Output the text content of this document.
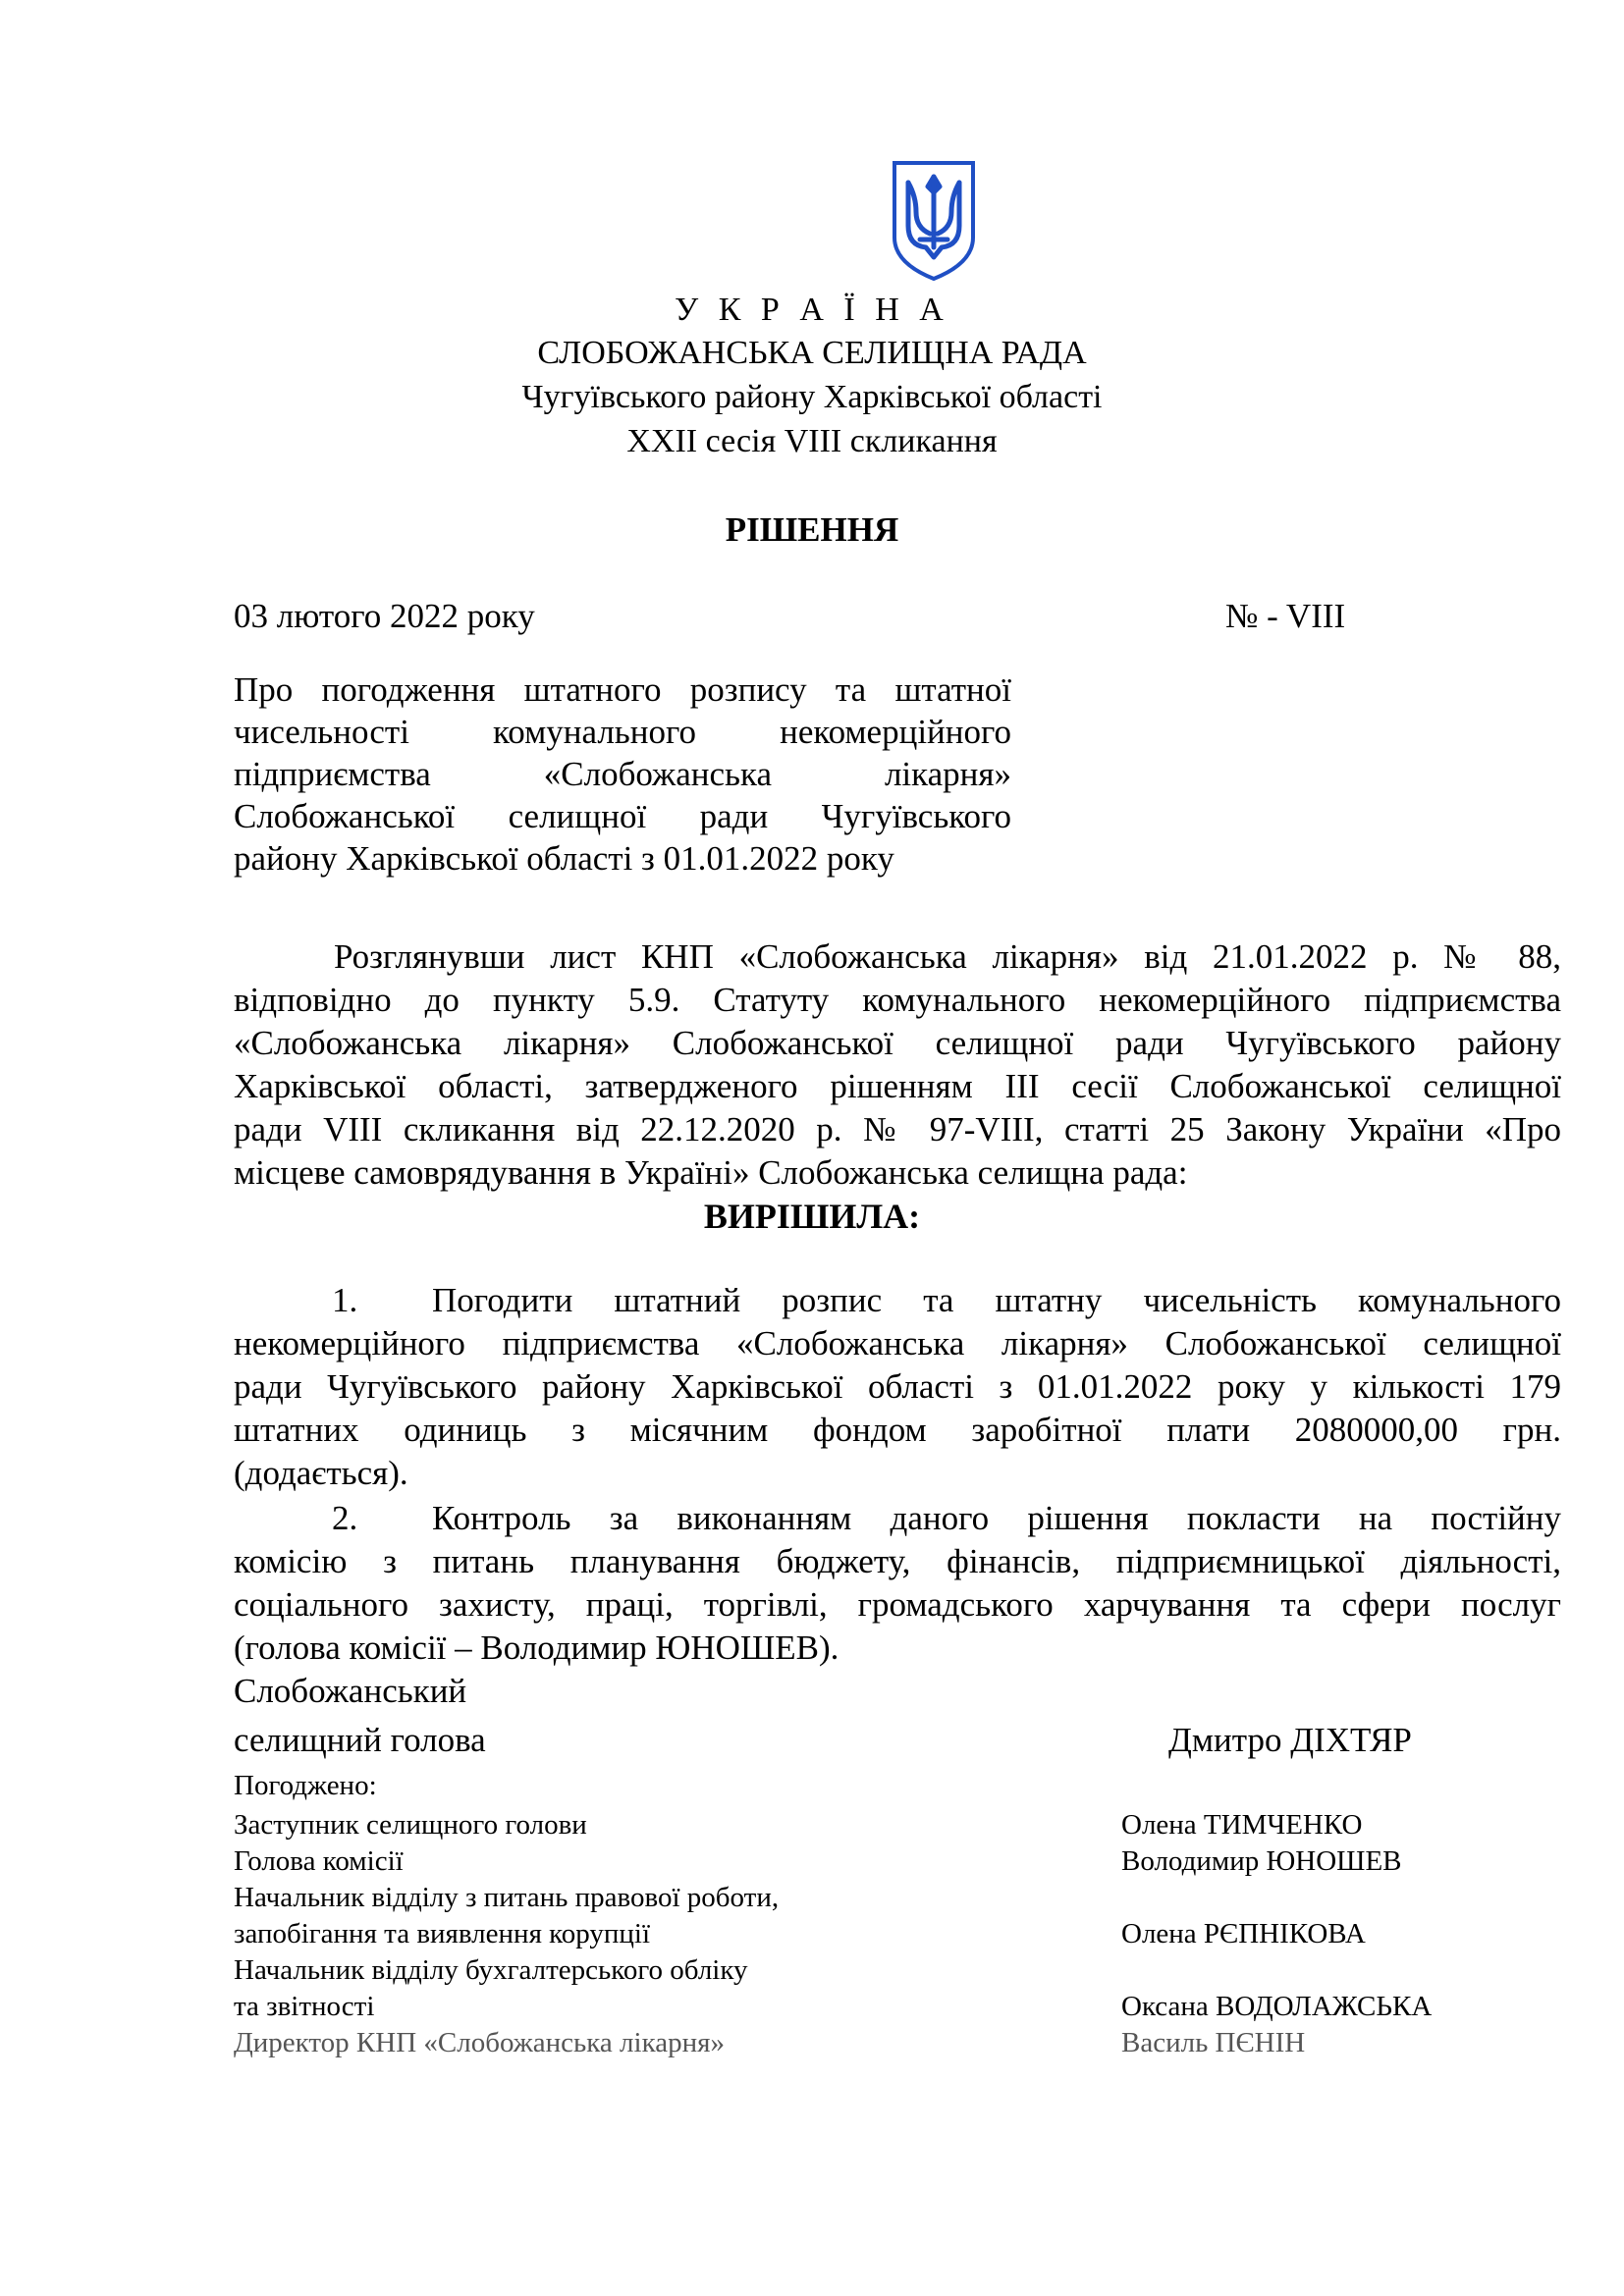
У К Р А Ї Н А
СЛОБОЖАНСЬКА СЕЛИЩНА РАДА
Чугуївського району Харківської області
ХХІІ сесія VІІІ скликання
РІШЕННЯ
03 лютого 2022 року	№ - VIII
Про погодження штатного розпису та штатної
чисельності комунального некомерційного
підприємства «Слобожанська лікарня»
Слобожанської селищної ради Чугуївського
району Харківської області з 01.01.2022 року
Розглянувши лист КНП «Слобожанська лікарня» від 21.01.2022 р. № 88,
відповідно до пункту 5.9. Статуту комунального некомерційного підприємства
«Слобожанська лікарня» Слобожанської селищної ради Чугуївського району
Харківської області, затвердженого рішенням ІІІ сесії Слобожанської селищної
ради VIII скликання від 22.12.2020 р. № 97-VIII, статті 25 Закону України «Про
місцеве самоврядування в Україні» Слобожанська селищна рада:
ВИРІШИЛА:
1. Погодити штатний розпис та штатну чисельність комунального
некомерційного підприємства «Слобожанська лікарня» Слобожанської селищної
ради Чугуївського району Харківської області з 01.01.2022 року у кількості 179
штатних одиниць з місячним фондом заробітної плати 2080000,00 грн.
(додається).
2. Контроль за виконанням даного рішення покласти на постійну
комісію з питань планування бюджету, фінансів, підприємницької діяльності,
соціального захисту, праці, торгівлі, громадського харчування та сфери послуг
(голова комісії – Володимир ЮНОШЕВ).
Слобожанський
селищний голова	Дмитро ДІХТЯР
Погоджено:
Заступник селищного голови	Олена ТИМЧЕНКО
Голова комісії	Володимир ЮНОШЕВ
Начальник відділу з питань правової роботи,
запобігання та виявлення корупції	Олена РЄПНІКОВА
Начальник відділу бухгалтерського обліку
та звітності	Оксана ВОДОЛАЖСЬКА
Директор КНП «Слобожанська лікарня»	Василь ПЄНІН
